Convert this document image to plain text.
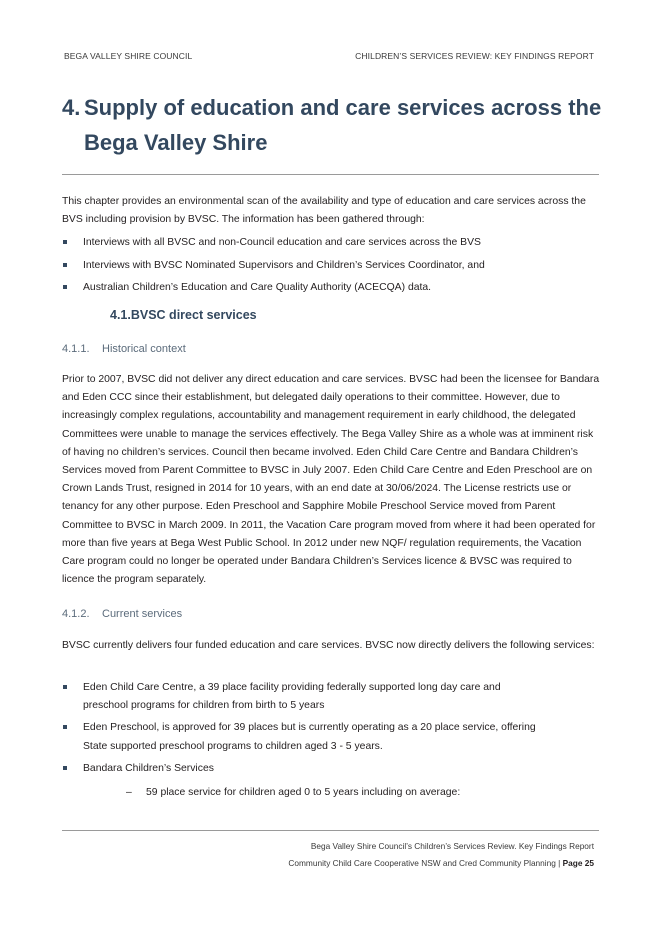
BEGA VALLEY SHIRE COUNCIL	CHILDREN’S SERVICES REVIEW: KEY FINDINGS REPORT
4. Supply of education and care services across the
Bega Valley Shire
This chapter provides an environmental scan of the availability and type of education and care services across the BVS including provision by BVSC. The information has been gathered through:
Interviews with all BVSC and non-Council education and care services across the BVS
Interviews with BVSC Nominated Supervisors and Children’s Services Coordinator, and
Australian Children’s Education and Care Quality Authority (ACECQA) data.
4.1.BVSC direct services
4.1.1. Historical context
Prior to 2007, BVSC did not deliver any direct education and care services. BVSC had been the licensee for Bandara and Eden CCC since their establishment, but delegated daily operations to their committee. However, due to increasingly complex regulations, accountability and management requirement in early childhood, the delegated Committees were unable to manage the services effectively. The Bega Valley Shire as a whole was at imminent risk of having no children’s services. Council then became involved. Eden Child Care Centre and Bandara Children’s Services moved from Parent Committee to BVSC in July 2007. Eden Child Care Centre and Eden Preschool are on Crown Lands Trust, resigned in 2014 for 10 years, with an end date at 30/06/2024. The License restricts use or tenancy for any other purpose. Eden Preschool and Sapphire Mobile Preschool Service moved from Parent Committee to BVSC in March 2009. In 2011, the Vacation Care program moved from where it had been operated for more than five years at Bega West Public School. In 2012 under new NQF/ regulation requirements, the Vacation Care program could no longer be operated under Bandara Children’s Services licence & BVSC was required to licence the program separately.
4.1.2. Current services
BVSC currently delivers four funded education and care services. BVSC now directly delivers the following services:
Eden Child Care Centre, a 39 place facility providing federally supported long day care and preschool programs for children from birth to 5 years
Eden Preschool, is approved for 39 places but is currently operating as a 20 place service, offering State supported preschool programs to children aged 3 - 5 years.
Bandara Children’s Services
– 59 place service for children aged 0 to 5 years including on average:
Bega Valley Shire Council’s Children’s Services Review. Key Findings Report
Community Child Care Cooperative NSW and Cred Community Planning | Page 25
